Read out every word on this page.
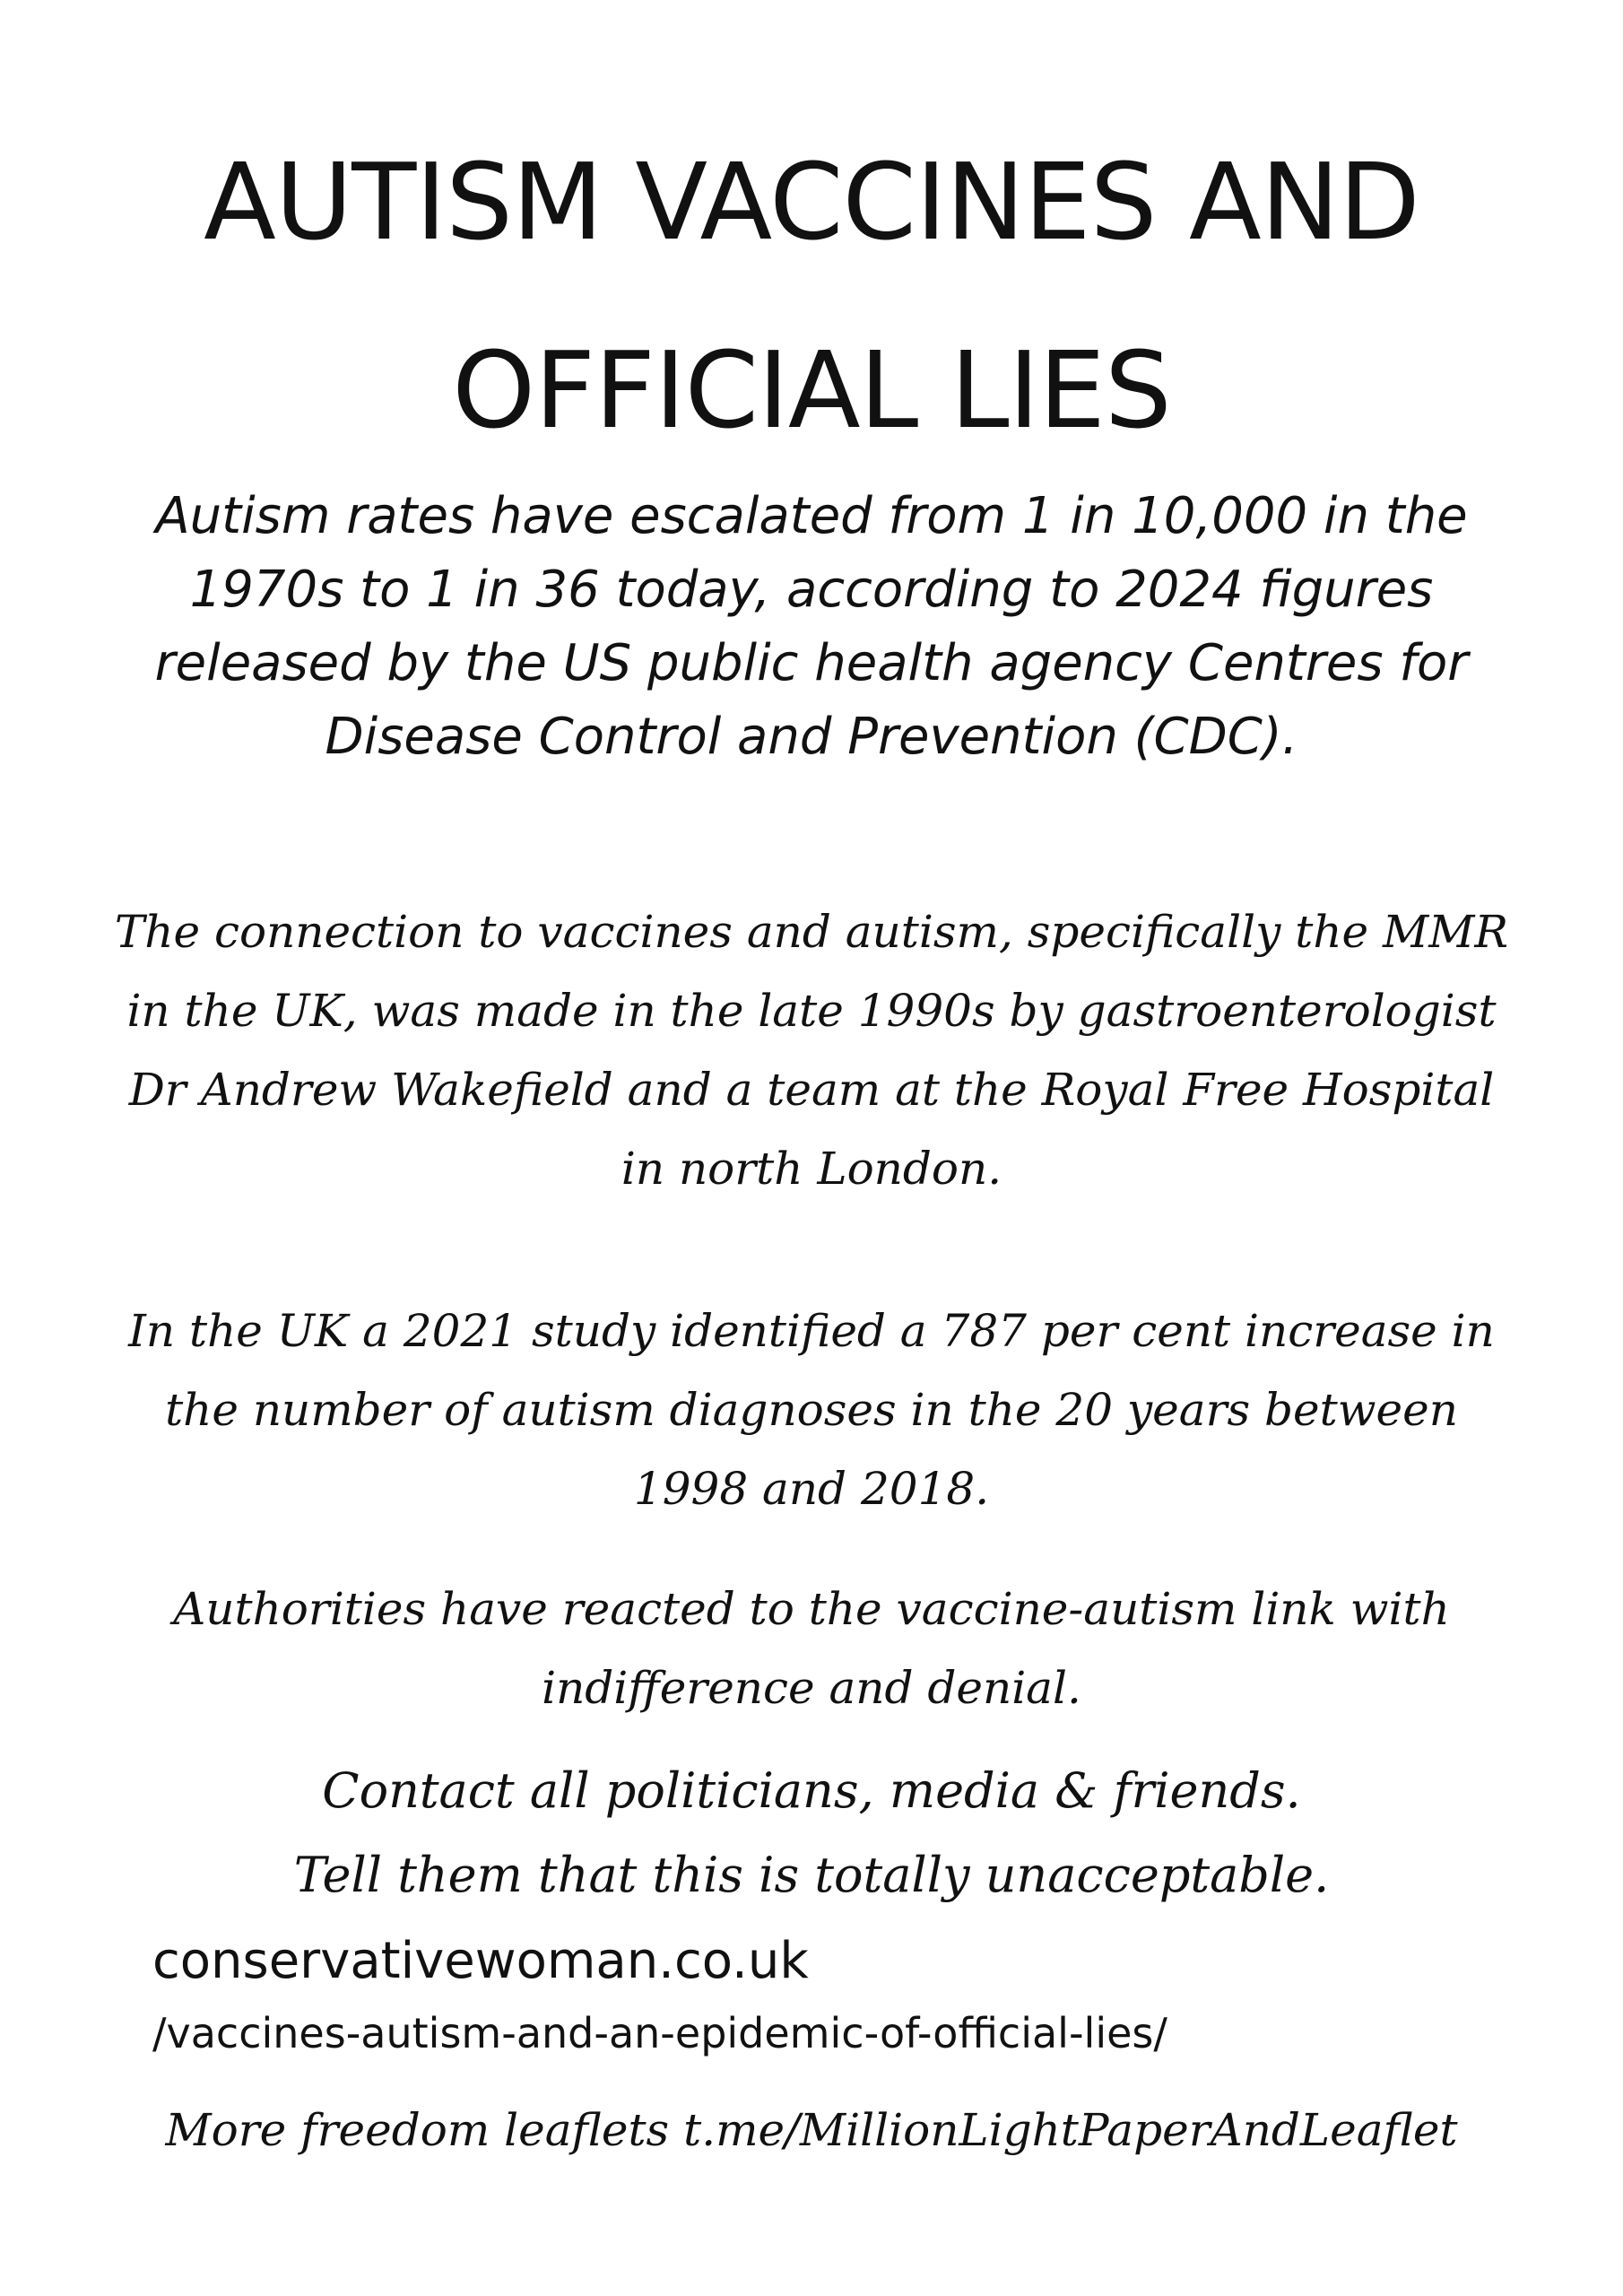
AUTISM VACCINES AND
OFFICIAL LIES

Autism rates have escalated from 1 in 10,000 in the 1970s to 1 in 36 today, according to 2024 figures released by the US public health agency Centres for Disease Control and Prevention (CDC).

The connection to vaccines and autism, specifically the MMR in the UK, was made in the late 1990s by gastroenterologist Dr Andrew Wakefield and a team at the Royal Free Hospital in north London.

In the UK a 2021 study identified a 787 per cent increase in the number of autism diagnoses in the 20 years between 1998 and 2018.

Authorities have reacted to the vaccine-autism link with indifference and denial.

Contact all politicians, media & friends.
Tell them that this is totally unacceptable.

conservativewoman.co.uk

/vaccines-autism-and-an-epidemic-of-official-lies/

More freedom leaflets t.me/MillionLightPaperAndLeaflet
